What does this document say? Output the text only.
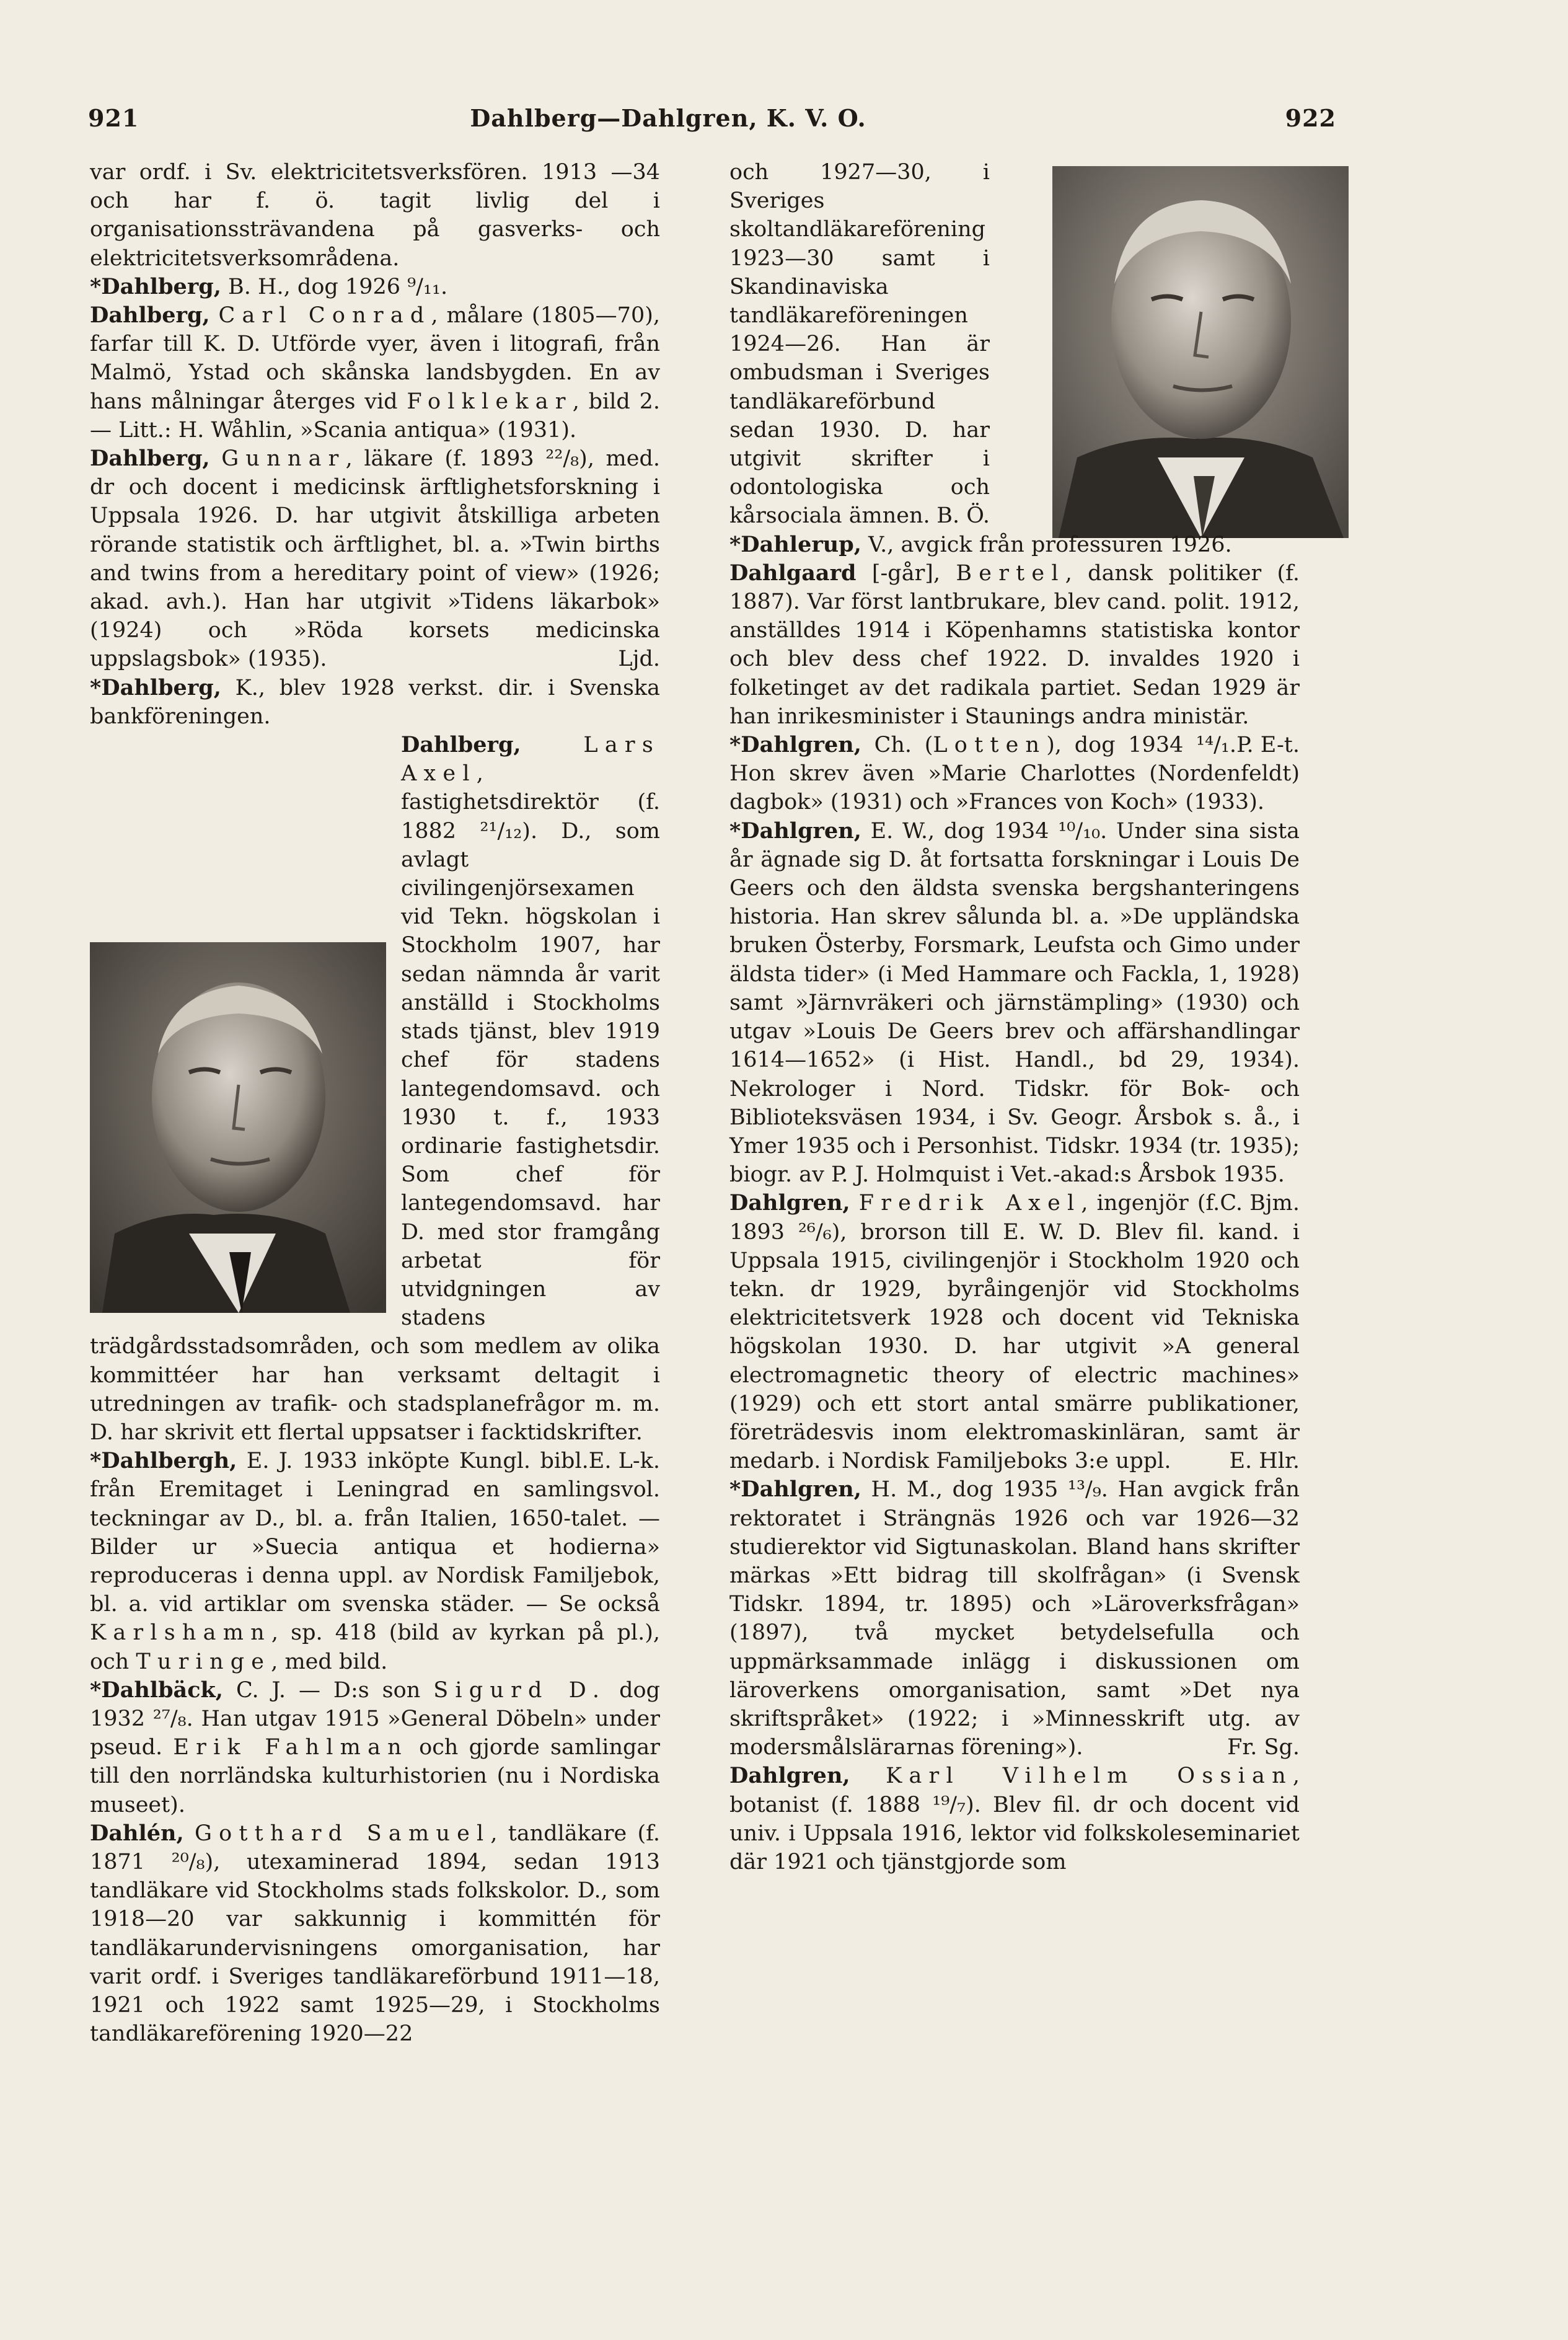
921	Dahlberg—Dahlgren, K. V. O.	922

var ordf. i Sv. elektricitetsverksfören. 1913 —34 och har f. ö. tagit livlig del i organisationssträvandena på gasverks- och elektricitetsverksområdena.

*Dahlberg, B. H., dog 1926 ⁹/₁₁.

Dahlberg, Carl Conrad, målare (1805—70), farfar till K. D. Utförde vyer, även i litografi, från Malmö, Ystad och skånska landsbygden. En av hans målningar återges vid Folklekar, bild 2. — Litt.: H. Wåhlin, »Scania antiqua» (1931).

Dahlberg, Gunnar, läkare (f. 1893 ²²/₈), med. dr och docent i medicinsk ärftlighetsforskning i Uppsala 1926. D. har utgivit åtskilliga arbeten rörande statistik och ärftlighet, bl. a. »Twin births and twins from a hereditary point of view» (1926; akad. avh.). Han har utgivit »Tidens läkarbok» (1924) och »Röda korsets medicinska uppslagsbok» (1935).	Ljd.

*Dahlberg, K., blev 1928 verkst. dir. i Svenska bankföreningen.

Dahlberg,	Lars Axel, fastighetsdirektör (f. 1882 ²¹/₁₂). D., som avlagt civilingenjörsexamen vid Tekn. högskolan i Stockholm 1907, har sedan nämnda år varit anställd i Stockholms stads tjänst, blev 1919 chef för stadens lantegendomsavd. och 1930 t. f., 1933 ordinarie fastighetsdir. Som chef för lantegendomsavd. har D. med stor framgång arbetat för utvidgningen av stadens trädgårdsstadsområden, och som medlem av olika kommittéer har han verksamt deltagit i utredningen av trafik- och stadsplanefrågor m. m. D. har skrivit ett flertal uppsatser i facktidskrifter.
E. L-k.

*Dahlbergh, E. J. 1933 inköpte Kungl. bibl. från Eremitaget i Leningrad en samlingsvol. teckningar av D., bl. a. från Italien, 1650-talet. — Bilder ur »Suecia antiqua et hodierna» reproduceras i denna uppl. av Nordisk Familjebok, bl. a. vid artiklar om svenska städer. — Se också Karlshamn, sp. 418 (bild av kyrkan på pl.), och Turinge, med bild.

*Dahlbäck, C. J. — D:s son Sigurd D. dog 1932 ²⁷/₈. Han utgav 1915 »General Döbeln» under pseud. Erik Fahlman och gjorde samlingar till den norrländska kulturhistorien (nu i Nordiska museet).

Dahlén, Gotthard Samuel, tandläkare (f. 1871 ²⁰/₈), utexaminerad 1894, sedan 1913 tandläkare vid Stockholms stads folkskolor. D., som 1918—20 var sakkunnig i kommittén för tandläkarundervisningens omorganisation, har varit ordf. i Sveriges tandläkareförbund 1911—18, 1921 och 1922 samt 1925—29, i Stockholms tandläkareförening 1920—22

och 1927—30, i Sveriges skoltandläkareförening 1923—30 samt i Skandinaviska tandläkareföreningen 1924—26. Han är ombudsman i Sveriges tandläkareförbund sedan 1930. D. har utgivit skrifter i odontologiska och kårsociala ämnen. B. Ö.

*Dahlerup, V., avgick från professuren 1926.

Dahlgaard [-går], Bertel, dansk politiker (f. 1887). Var först lantbrukare, blev cand. polit. 1912, anställdes 1914 i Köpenhamns statistiska kontor och blev dess chef 1922. D. invaldes 1920 i folketinget av det radikala partiet. Sedan 1929 är han inrikesminister i Staunings andra ministär.
P. E-t.

*Dahlgren, Ch. (Lotten), dog 1934 ¹⁴/₁. Hon skrev även »Marie Charlottes (Nordenfeldt) dagbok» (1931) och »Frances von Koch» (1933).

*Dahlgren, E. W., dog 1934 ¹⁰/₁₀. Under sina sista år ägnade sig D. åt fortsatta forskningar i Louis De Geers och den äldsta svenska bergshanteringens historia. Han skrev sålunda bl. a. »De uppländska bruken Österby, Forsmark, Leufsta och Gimo under äldsta tider» (i Med Hammare och Fackla, 1, 1928) samt »Järnvräkeri och järnstämpling» (1930) och utgav »Louis De Geers brev och affärshandlingar 1614—1652» (i Hist. Handl., bd 29, 1934). Nekrologer i Nord. Tidskr. för Bok- och Biblioteksväsen 1934, i Sv. Geogr. Årsbok s. å., i Ymer 1935 och i Personhist. Tidskr. 1934 (tr. 1935); biogr. av P. J. Holmquist i Vet.-akad:s Årsbok 1935.
C. Bjm.

Dahlgren, Fredrik Axel, ingenjör (f. 1893 ²⁶/₆), brorson till E. W. D. Blev fil. kand. i Uppsala 1915, civilingenjör i Stockholm 1920 och tekn. dr 1929, byråingenjör vid Stockholms elektricitetsverk 1928 och docent vid Tekniska högskolan 1930. D. har utgivit »A general electromagnetic theory of electric machines» (1929) och ett stort antal smärre publikationer, företrädesvis inom elektromaskinläran, samt är medarb. i Nordisk Familjeboks 3:e uppl.	E. Hlr.

*Dahlgren, H. M., dog 1935 ¹³/₉. Han avgick från rektoratet i Strängnäs 1926 och var 1926—32 studierektor vid Sigtunaskolan. Bland hans skrifter märkas »Ett bidrag till skolfrågan» (i Svensk Tidskr. 1894, tr. 1895) och »Läroverksfrågan» (1897), två mycket betydelsefulla och uppmärksammade inlägg i diskussionen om läroverkens omorganisation, samt »Det nya skriftspråket» (1922; i »Minnesskrift utg. av modersmålslärarnas förening»).	Fr. Sg.

Dahlgren, Karl Vilhelm Ossian, botanist (f. 1888 ¹⁹/₇). Blev fil. dr och docent vid univ. i Uppsala 1916, lektor vid folkskoleseminariet där 1921 och tjänstgjorde som
